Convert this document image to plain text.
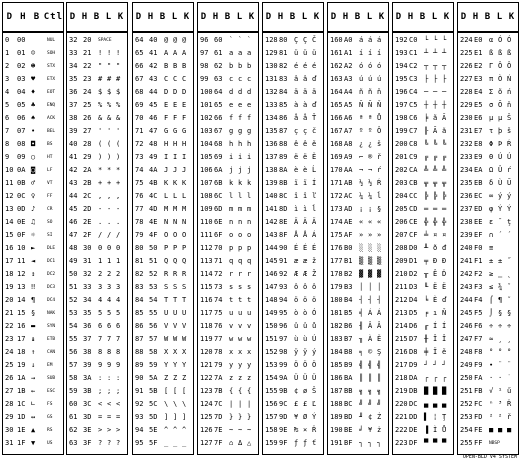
D H B Ctl
0 00	NUL
1 01 ☺	SOH
2 02 ☻	STX
3 03 ♥	ETX
4 04 ♦	EOT
5 05 ♣	ENQ
6 06 ♠	ACK
7 07 •	BEL
8 08 ◘	BS
9 09 ○	HT
10 0A ◙	LF
11 0B ♂	VT
12 0C ♀	FF
13 0D ♪	CR
14 0E ♫	SO
15 0F ☼	SI
16 10 ►	DLE
17 11 ◄	DC1
18 12 ↕	DC2
19 13 ‼	DC3
20 14 ¶	DC4
21 15 §	NAK
22 16 ▬	SYN
23 17 ↨	ETB
24 18 ↑	CAN
25 19 ↓	EM
26 1A →	SUB
27 1B ←	ESC
28 1C ∟	FS
29 1D ↔	GS
30 1E ▲	RS
31 1F ▼	US
D H B L K
32 20 SPACE
33 21 ! ! !
34 22 " " "
35 23 # # #
36 24 $ $ $
37 25 % % %
38 26 & & &
39 27 ' ' '
40 28 ( ( (
41 29 ) ) )
42 2A * * *
43 2B + + +
44 2C , , ,
45 2D - - -
46 2E . . .
47 2F / / /
48 30 0 0 0
49 31 1 1 1
50 32 2 2 2
51 33 3 3 3
52 34 4 4 4
53 35 5 5 5
54 36 6 6 6
55 37 7 7 7
56 38 8 8 8
57 39 9 9 9
58 3A : : :
59 3B ; ; ;
60 3C < < <
61 3D = = =
62 3E > > >
63 3F ? ? ?
D H B L K
64 40 @ @ @
65 41 A A A
66 42 B B B
67 43 C C C
68 44 D D D
69 45 E E E
70 46 F F F
71 47 G G G
72 48 H H H
73 49 I I I
74 4A J J J
75 4B K K K
76 4C L L L
77 4D M M M
78 4E N N N
79 4F O O O
80 50 P P P
81 51 Q Q Q
82 52 R R R
83 53 S S S
84 54 T T T
85 55 U U U
86 56 V V V
87 57 W W W
88 58 X X X
89 59 Y Y Y
90 5A Z Z Z
91 5B [ [ [
92 5C \ \ \
93 5D ] ] ]
94 5E ^ ^ ^
95 5F _ _ _
D H B L K
96 60 ` ` `
97 61 a a a
98 62 b b b
99 63 c c c
100 64 d d d
101 65 e e e
102 66 f f f
103 67 g g g
104 68 h h h
105 69 i i i
106 6A j j j
107 6B k k k
108 6C l l l
109 6D m m m
110 6E n n n
111 6F o o o
112 70 p p p
113 71 q q q
114 72 r r r
115 73 s s s
116 74 t t t
117 75 u u u
118 76 v v v
119 77 w w w
120 78 x x x
121 79 y y y
122 7A z z z
123 7B { { {
124 7C | | |
125 7D } } }
126 7E ~ ~ ~
127 7F ⌂ Δ △
D H B L K
128 80 Ç Ç Č
129 81 ü ü ü
130 82 é é é
131 83 â â ď
132 84 ä ä ä
133 85 à à ď
134 86 å å Ť
135 87 ç ç č
136 88 ê ê ě
137 89 ë ë Ě
138 8A è è Ĺ
139 8B ï ï Í
140 8C î î ľ
141 8D ì ì ĺ
142 8E Ä Ä Ä
143 8F Å Å Á
144 90 É É É
145 91 æ æ ž
146 92 Æ Æ Ž
147 93 ô ô ô
148 94 ö ö ö
149 95 ò ò Ó
150 96 û û ů
151 97 ù ù Ú
152 98 ÿ ÿ ý
153 99 Ö Ö Ö
154 9A Ü Ü Ü
155 9B ¢ ø Š
156 9C £ £ Ľ
157 9D ¥ Ø Ý
158 9E ₧ × Ř
159 9F ƒ ƒ ť
D H B L K
160 A0 á á á
161 A1 í í í
162 A2 ó ó ó
163 A3 ú ú ú
164 A4 ñ ñ ň
165 A5 Ñ Ñ Ň
166 A6 ª ª Ů
167 A7 º º Ô
168 A8 ¿ ¿ š
169 A9 ⌐ ® ř
170 AA ¬ ¬ ŕ
171 AB ½ ½ Ŕ
172 AC ¼ ¼ ĺ
173 AD ¡ ¡ §
174 AE « « «
175 AF » » »
176 B0 ░ ░ ░
177 B1 ▒ ▒ ▒
178 B2 ▓ ▓ ▓
179 B3 │ │ │
180 B4 ┤ ┤ ┤
181 B5 ╡ Á Á
182 B6 ╢ Â Â
183 B7 ╖ À Ě
184 B8 ╕ © Ş
185 B9 ╣ ╣ ╣
186 BA ║ ║ ║
187 BB ╗ ╗ ╗
188 BC ╝ ╝ ╝
189 BD ╜ ¢ Ż
190 BE ╛ ¥ ż
191 BF ┐ ┐ ┐
D H B L K
192 C0 └ └ └
193 C1 ┴ ┴ ┴
194 C2 ┬ ┬ ┬
195 C3 ├ ├ ├
196 C4 ─ ─ ─
197 C5 ┼ ┼ ┼
198 C6 ╞ ã Ă
199 C7 ╟ Ã ă
200 C8 ╚ ╚ ╚
201 C9 ╔ ╔ ╔
202 CA ╩ ╩ ╩
203 CB ╦ ╦ ╦
204 CC ╠ ╠ ╠
205 CD ═ ═ ═
206 CE ╬ ╬ ╬
207 CF ╧ ¤ ¤
208 D0 ╨ ð đ
209 D1 ╤ Ð Đ
210 D2 ╥ Ê Ď
211 D3 ╙ Ë Ë
212 D4 ╘ È ď
213 D5 ╒ ı Ň
214 D6 ╓ Í Í
215 D7 ╫ Î Î
216 D8 ╪ Ï ě
217 D9 ┘ ┘ ┘
218 DA ┌ ┌ ┌
219 DB █ █ █
220 DC ▄ ▄ ▄
221 DD ▌ ¦ Ţ
222 DE ▐ Ì Ů
223 DF ▀ ▀ ▀
D H B L K
224 E0 α Ó Ó
225 E1 ß ß ß
226 E2 Γ Ô Ô
227 E3 π Ò Ń
228 E4 Σ õ ń
229 E5 σ Õ ň
230 E6 µ µ Š
231 E7 τ þ š
232 E8 Φ Þ Ŕ
233 E9 Θ Ú Ú
234 EA Ω Û ŕ
235 EB δ Ù Ű
236 EC ∞ ý ý
237 ED φ Ý Ý
238 EE ε ¯ ţ
239 EF ∩ ´ ´
240 F0 ≡
241 F1 ± ± ˝
242 F2 ≥ ‗ ˛
243 F3 ≤ ¾ ˇ
244 F4 ⌠ ¶ ˘
245 F5 ⌡ § §
246 F6 ÷ ÷ ÷
247 F7 ≈ ¸ ¸
248 F8 ° ° °
249 F9 ∙ ¨ ¨
250 FA · · ˙
251 FB √ ¹ ű
252 FC ⁿ ³ Ř
253 FD ² ² ř
254 FE ■ ■ ■
255 FF NBSP
OPEN-BLD V4 SYSTEM
